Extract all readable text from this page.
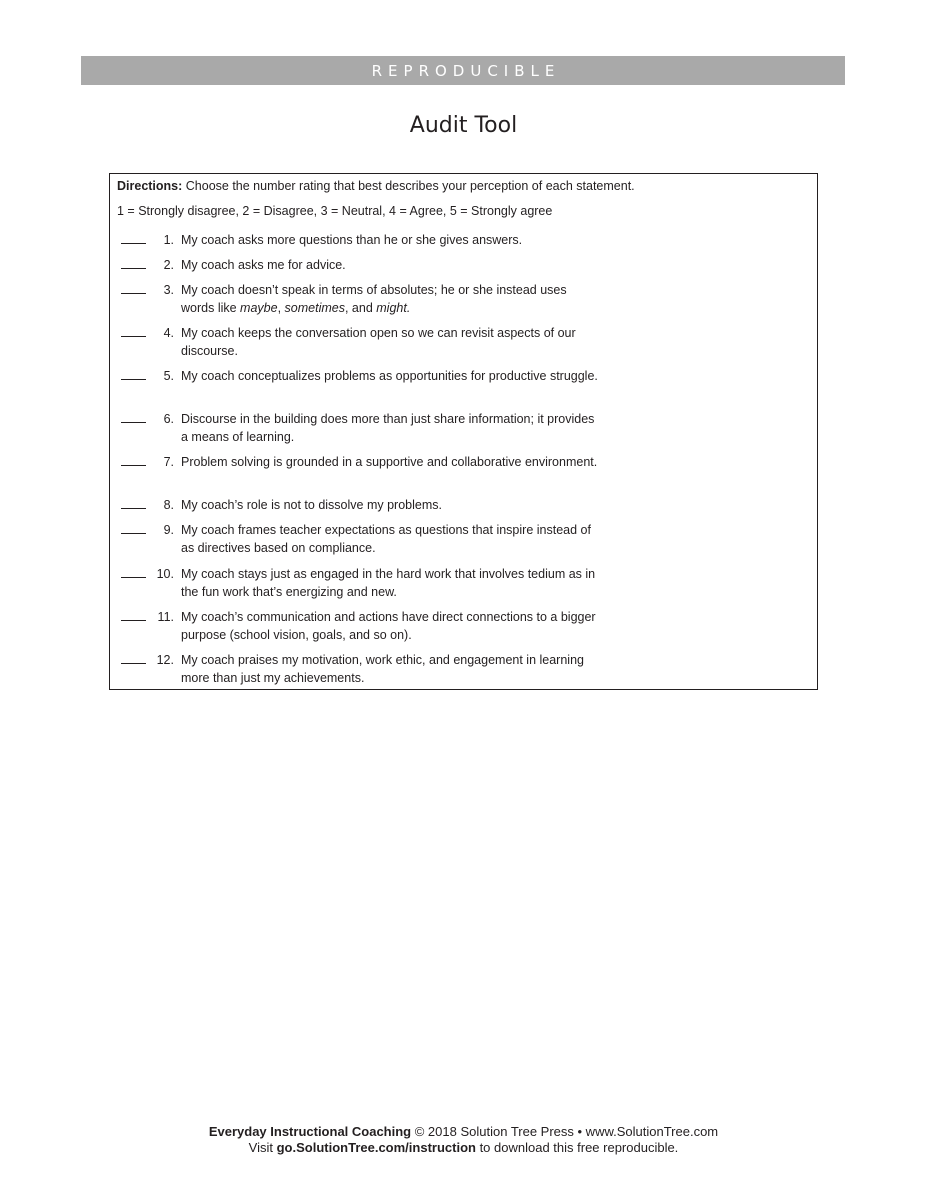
REPRODUCIBLE
Audit Tool
Directions: Choose the number rating that best describes your perception of each statement.
1 = Strongly disagree, 2 = Disagree, 3 = Neutral, 4 = Agree, 5 = Strongly agree
1. My coach asks more questions than he or she gives answers.
2. My coach asks me for advice.
3. My coach doesn’t speak in terms of absolutes; he or she instead uses words like maybe, sometimes, and might.
4. My coach keeps the conversation open so we can revisit aspects of our discourse.
5. My coach conceptualizes problems as opportunities for productive struggle.
6. Discourse in the building does more than just share information; it provides a means of learning.
7. Problem solving is grounded in a supportive and collaborative environment.
8. My coach’s role is not to dissolve my problems.
9. My coach frames teacher expectations as questions that inspire instead of as directives based on compliance.
10. My coach stays just as engaged in the hard work that involves tedium as in the fun work that’s energizing and new.
11. My coach’s communication and actions have direct connections to a bigger purpose (school vision, goals, and so on).
12. My coach praises my motivation, work ethic, and engagement in learning more than just my achievements.
Everyday Instructional Coaching © 2018 Solution Tree Press • www.SolutionTree.com
Visit go.SolutionTree.com/instruction to download this free reproducible.
